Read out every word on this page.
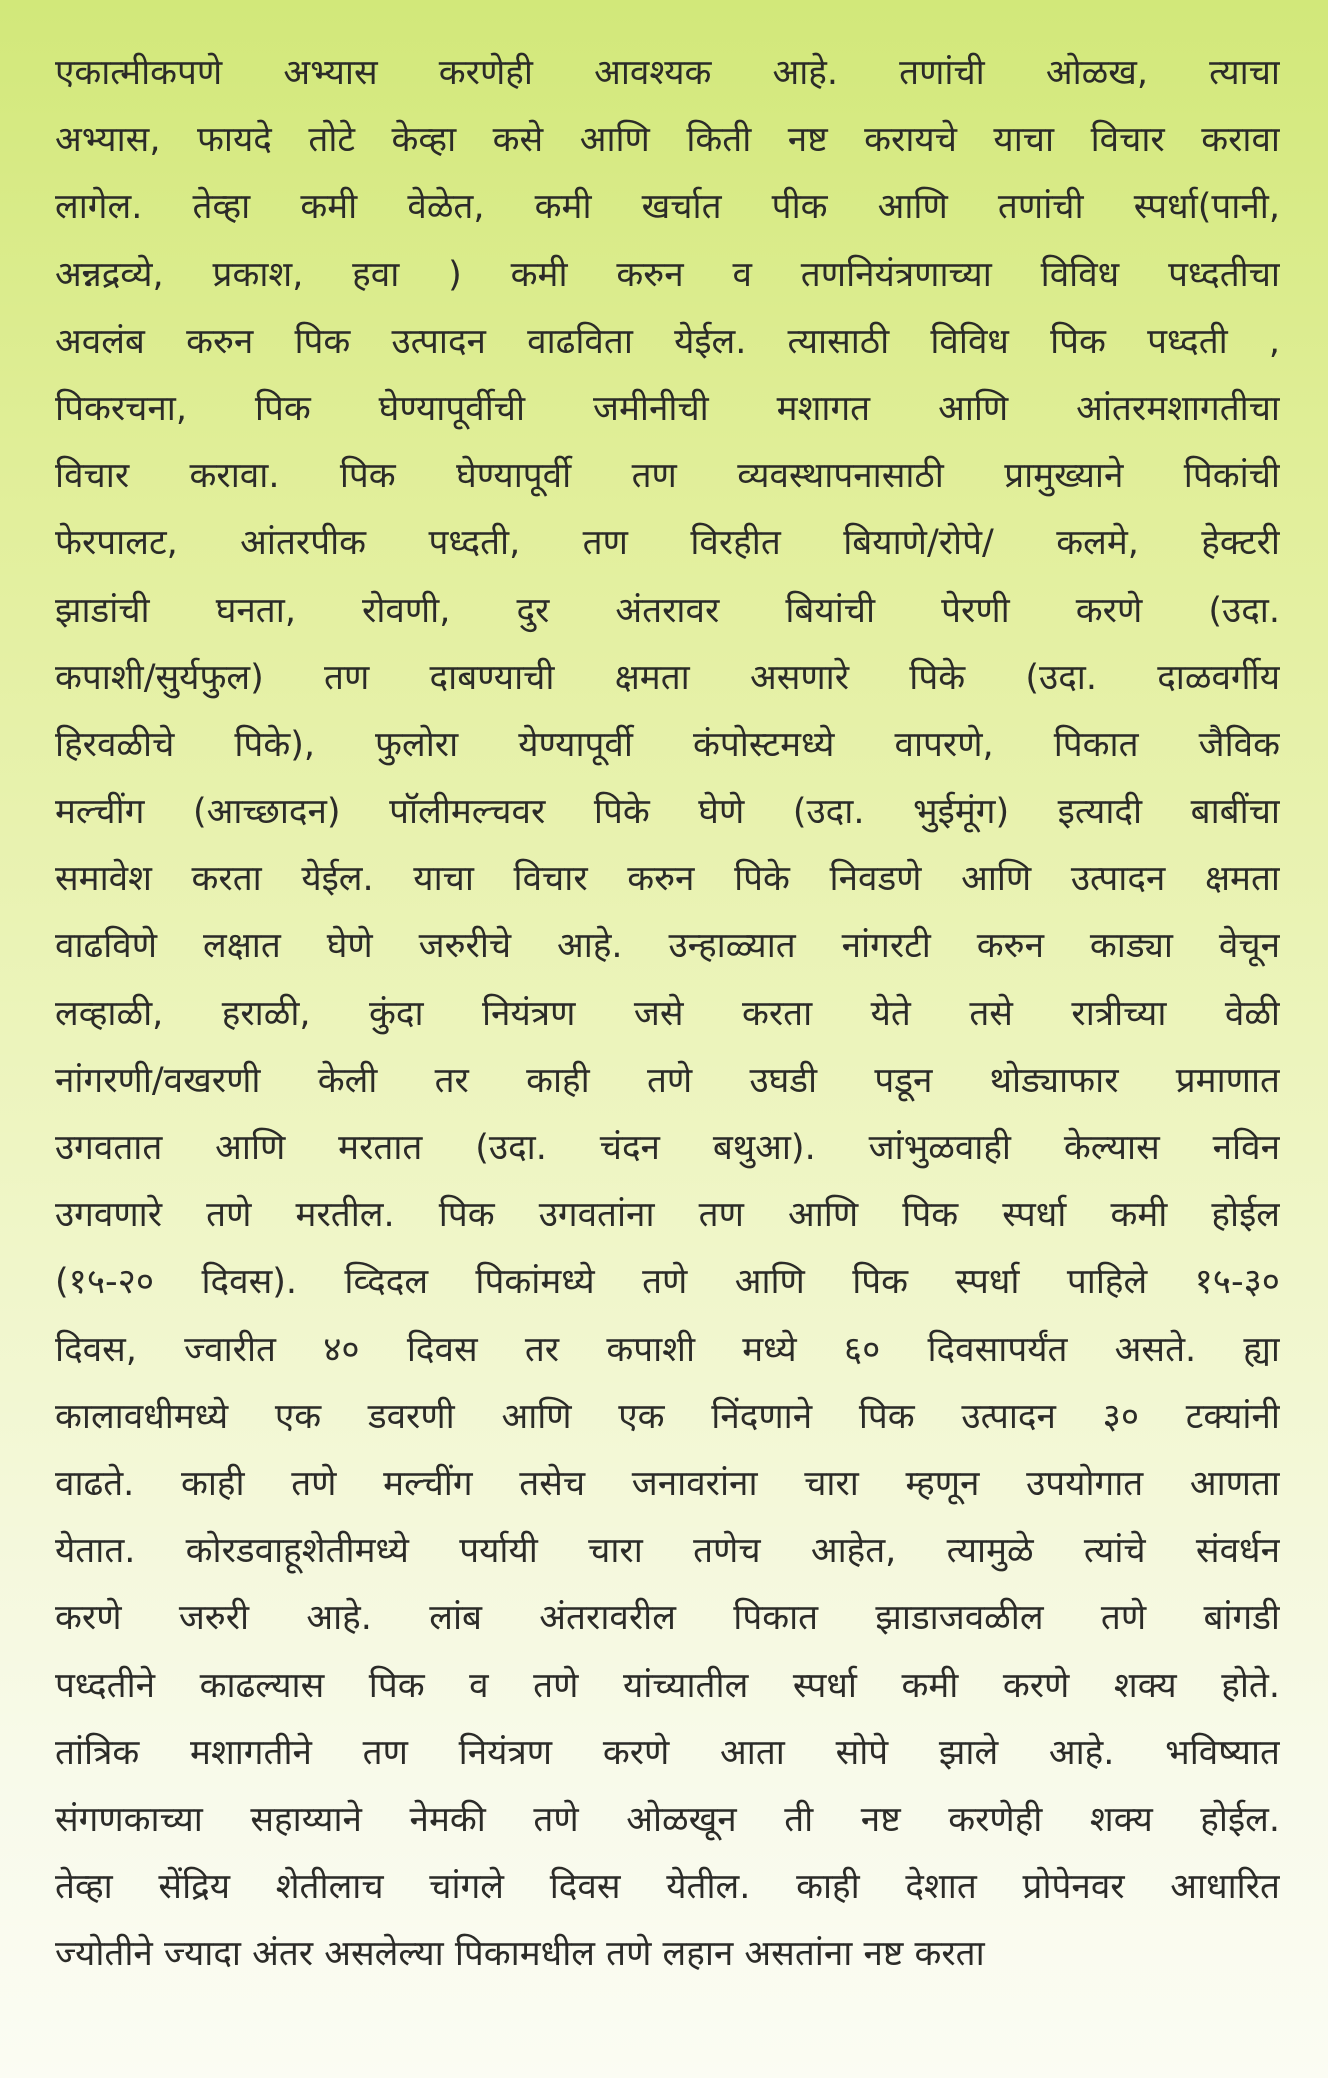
एकात्मीकपणे अभ्यास करणेही आवश्यक आहे. तणांची ओळख, त्याचा
अभ्यास, फायदे तोटे केव्हा कसे आणि किती नष्ट करायचे याचा विचार करावा
लागेल. तेव्हा कमी वेळेत, कमी खर्चात पीक आणि तणांची स्पर्धा(पानी,
अन्नद्रव्ये, प्रकाश, हवा ) कमी करुन व तणनियंत्रणाच्या विविध पध्दतीचा
अवलंब करुन पिक उत्पादन वाढविता येईल. त्यासाठी विविध पिक पध्दती ,
पिकरचना, पिक घेण्यापूर्वीची जमीनीची मशागत आणि आंतरमशागतीचा
विचार करावा. पिक घेण्यापूर्वी तण व्यवस्थापनासाठी प्रामुख्याने पिकांची
फेरपालट, आंतरपीक पध्दती, तण विरहीत बियाणे/रोपे/ कलमे, हेक्टरी
झाडांची घनता, रोवणी, दुर अंतरावर बियांची पेरणी करणे (उदा.
कपाशी/सुर्यफुल) तण दाबण्याची क्षमता असणारे पिके (उदा. दाळवर्गीय
हिरवळीचे पिके), फुलोरा येण्यापूर्वी कंपोस्टमध्ये वापरणे, पिकात जैविक
मल्चींग (आच्छादन) पॉलीमल्चवर पिके घेणे (उदा. भुईमूंग) इत्यादी बाबींचा
समावेश करता येईल. याचा विचार करुन पिके निवडणे आणि उत्पादन क्षमता
वाढविणे लक्षात घेणे जरुरीचे आहे. उन्हाळ्यात नांगरटी करुन काड्या वेचून
लव्हाळी, हराळी, कुंदा नियंत्रण जसे करता येते तसे रात्रीच्या वेळी
नांगरणी/वखरणी केली तर काही तणे उघडी पडून थोड्याफार प्रमाणात
उगवतात आणि मरतात (उदा. चंदन बथुआ). जांभुळवाही केल्यास नविन
उगवणारे तणे मरतील. पिक उगवतांना तण आणि पिक स्पर्धा कमी होईल
(१५-२० दिवस). व्दिदल पिकांमध्ये तणे आणि पिक स्पर्धा पाहिले १५-३०
दिवस, ज्वारीत ४० दिवस तर कपाशी मध्ये ६० दिवसापर्यंत असते. ह्या
कालावधीमध्ये एक डवरणी आणि एक निंदणाने पिक उत्पादन ३० टक्यांनी
वाढते. काही तणे मल्चींग तसेच जनावरांना चारा म्हणून उपयोगात आणता
येतात. कोरडवाहूशेतीमध्ये पर्यायी चारा तणेच आहेत, त्यामुळे त्यांचे संवर्धन
करणे जरुरी आहे. लांब अंतरावरील पिकात झाडाजवळील तणे बांगडी
पध्दतीने काढल्यास पिक व तणे यांच्यातील स्पर्धा कमी करणे शक्य होते.
तांत्रिक मशागतीने तण नियंत्रण करणे आता सोपे झाले आहे. भविष्यात
संगणकाच्या सहाय्याने नेमकी तणे ओळखून ती नष्ट करणेही शक्य होईल.
तेव्हा सेंद्रिय शेतीलाच चांगले दिवस येतील. काही देशात प्रोपेनवर आधारित
ज्योतीने ज्यादा अंतर असलेल्या पिकामधील तणे लहान असतांना नष्ट करता
